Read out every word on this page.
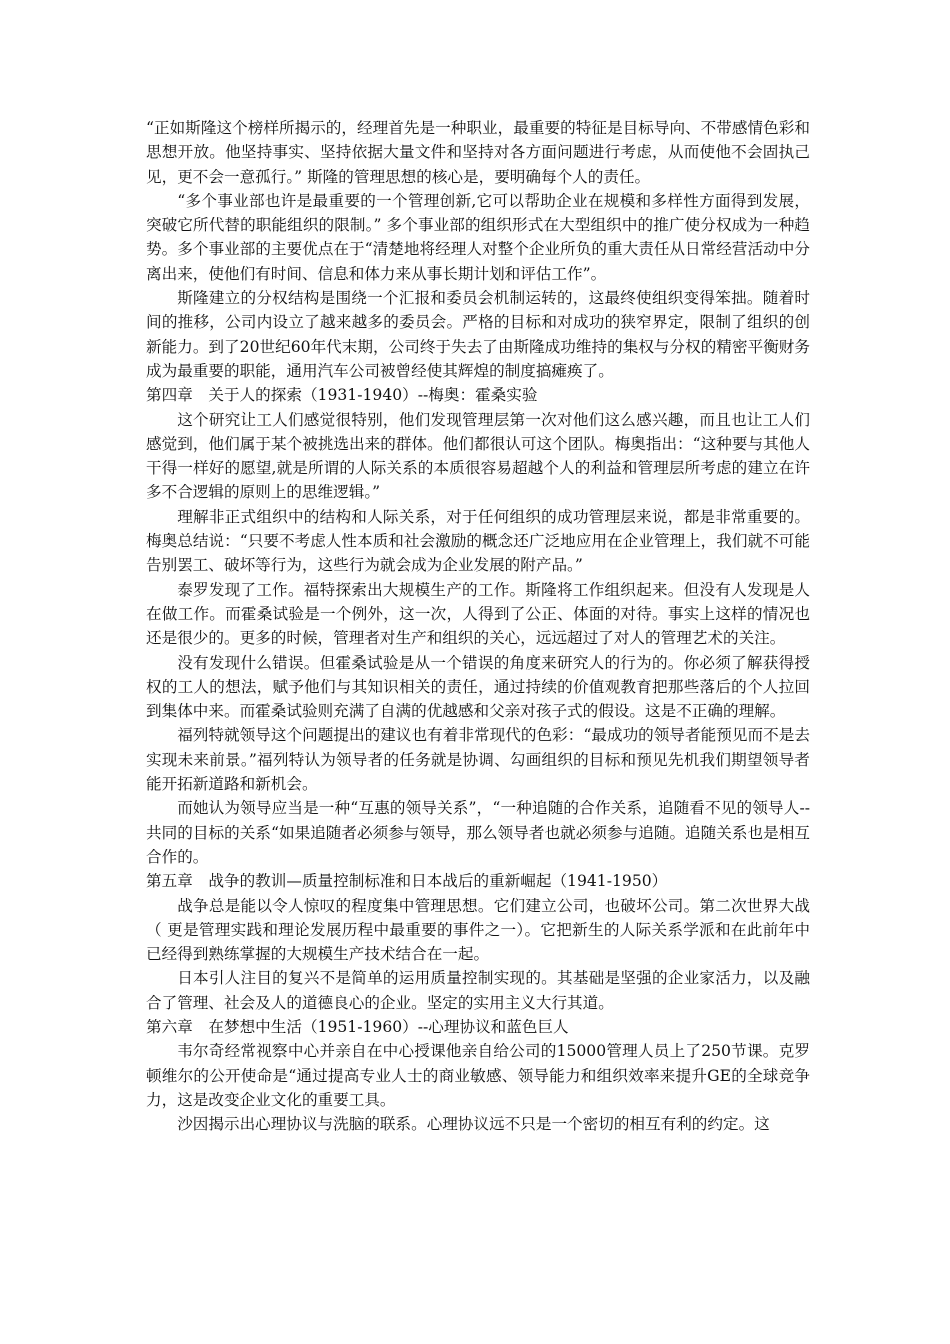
“正如斯隆这个榜样所揭示的，经理首先是一种职业，最重要的特征是目标导向、不带感情色彩和思想开放。他坚持事实、坚持依据大量文件和坚持对各方面问题进行考虑，从而使他不会固执己见，更不会一意孤行。” 斯隆的管理思想的核心是，要明确每个人的责任。

“多个事业部也许是最重要的一个管理创新,它可以帮助企业在规模和多样性方面得到发展，突破它所代替的职能组织的限制。” 多个事业部的组织形式在大型组织中的推广使分权成为一种趋势。多个事业部的主要优点在于“清楚地将经理人对整个企业所负的重大责任从日常经营活动中分离出来，使他们有时间、信息和体力来从事长期计划和评估工作”。

斯隆建立的分权结构是围绕一个汇报和委员会机制运转的，这最终使组织变得笨拙。随着时间的推移，公司内设立了越来越多的委员会。严格的目标和对成功的狭窄界定，限制了组织的创新能力。到了20世纪60年代末期，公司终于失去了由斯隆成功维持的集权与分权的精密平衡财务成为最重要的职能，通用汽车公司被曾经使其辉煌的制度搞瘫痪了。

第四章　关于人的探索（1931-1940）--梅奥：霍桑实验

这个研究让工人们感觉很特别，他们发现管理层第一次对他们这么感兴趣，而且也让工人们感觉到，他们属于某个被挑选出来的群体。他们都很认可这个团队。梅奥指出：“这种要与其他人干得一样好的愿望,就是所谓的人际关系的本质很容易超越个人的利益和管理层所考虑的建立在许多不合逻辑的原则上的思维逻辑。”

理解非正式组织中的结构和人际关系，对于任何组织的成功管理层来说，都是非常重要的。梅奥总结说：“只要不考虑人性本质和社会激励的概念还广泛地应用在企业管理上，我们就不可能告别罢工、破坏等行为，这些行为就会成为企业发展的附产品。”

泰罗发现了工作。福特探索出大规模生产的工作。斯隆将工作组织起来。但没有人发现是人在做工作。而霍桑试验是一个例外，这一次，人得到了公正、体面的对待。事实上这样的情况也还是很少的。更多的时候，管理者对生产和组织的关心，远远超过了对人的管理艺术的关注。

没有发现什么错误。但霍桑试验是从一个错误的角度来研究人的行为的。你必须了解获得授权的工人的想法，赋予他们与其知识相关的责任，通过持续的价值观教育把那些落后的个人拉回到集体中来。而霍桑试验则充满了自满的优越感和父亲对孩子式的假设。这是不正确的理解。

福列特就领导这个问题提出的建议也有着非常现代的色彩：“最成功的领导者能预见而不是去实现未来前景。”福列特认为领导者的任务就是协调、勾画组织的目标和预见先机我们期望领导者能开拓新道路和新机会。

而她认为领导应当是一种“互惠的领导关系”，“一种追随的合作关系，追随看不见的领导人--共同的目标的关系“如果追随者必须参与领导，那么领导者也就必须参与追随。追随关系也是相互合作的。

第五章　战争的教训—质量控制标准和日本战后的重新崛起（1941-1950）

战争总是能以令人惊叹的程度集中管理思想。它们建立公司，也破坏公司。第二次世界大战（ 更是管理实践和理论发展历程中最重要的事件之一）。它把新生的人际关系学派和在此前年中已经得到熟练掌握的大规模生产技术结合在一起。

日本引人注目的复兴不是简单的运用质量控制实现的。其基础是坚强的企业家活力，以及融合了管理、社会及人的道德良心的企业。坚定的实用主义大行其道。

第六章　在梦想中生活（1951-1960）--心理协议和蓝色巨人

韦尔奇经常视察中心并亲自在中心授课他亲自给公司的15000管理人员上了250节课。克罗顿维尔的公开使命是“通过提高专业人士的商业敏感、领导能力和组织效率来提升GE的全球竞争力，这是改变企业文化的重要工具。

沙因揭示出心理协议与洗脑的联系。心理协议远不只是一个密切的相互有利的约定。这
